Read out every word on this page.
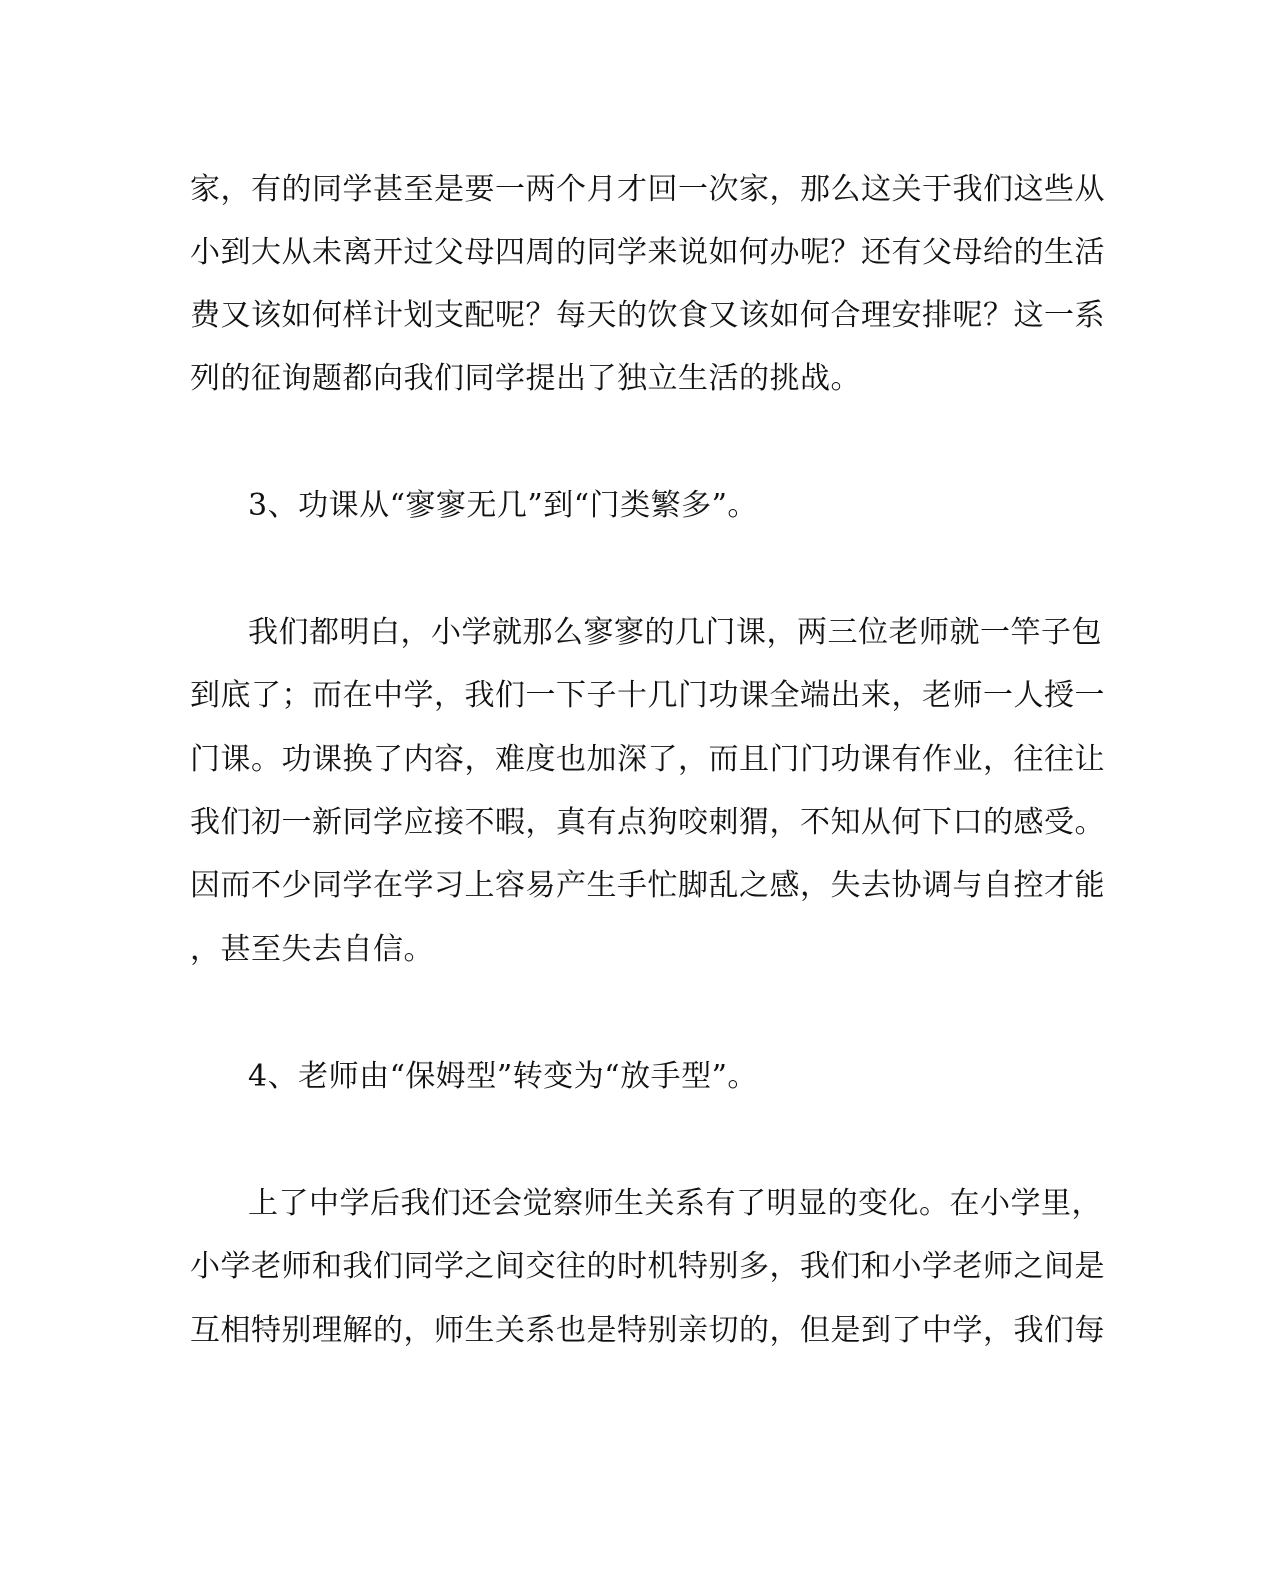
家，有的同学甚至是要一两个月才回一次家，那么这关于我们这些从
小到大从未离开过父母四周的同学来说如何办呢？还有父母给的生活
费又该如何样计划支配呢？每天的饮食又该如何合理安排呢？这一系
列的征询题都向我们同学提出了独立生活的挑战。
3、功课从“寥寥无几”到“门类繁多”。
我们都明白，小学就那么寥寥的几门课，两三位老师就一竿子包
到底了；而在中学，我们一下子十几门功课全端出来，老师一人授一
门课。功课换了内容，难度也加深了，而且门门功课有作业，往往让
我们初一新同学应接不暇，真有点狗咬刺猬，不知从何下口的感受。
因而不少同学在学习上容易产生手忙脚乱之感，失去协调与自控才能
，甚至失去自信。
4、老师由“保姆型”转变为“放手型”。
上了中学后我们还会觉察师生关系有了明显的变化。在小学里，
小学老师和我们同学之间交往的时机特别多，我们和小学老师之间是
互相特别理解的，师生关系也是特别亲切的，但是到了中学，我们每
